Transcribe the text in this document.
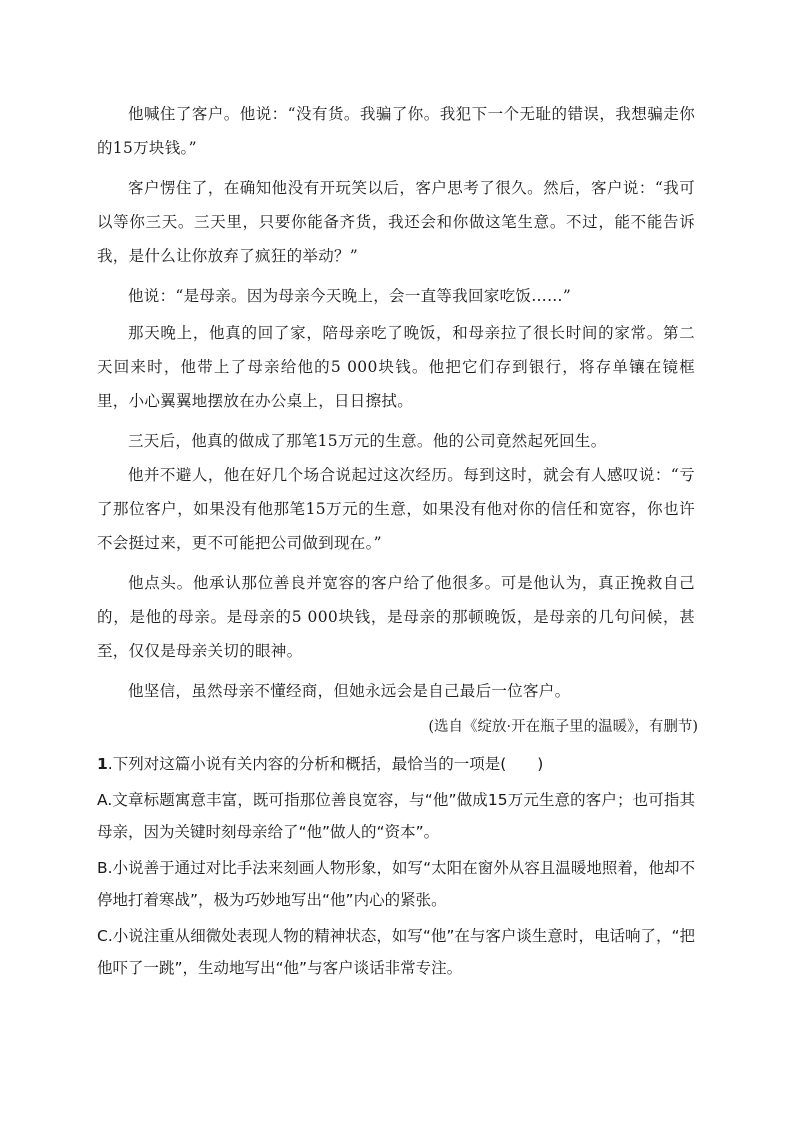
他喊住了客户。他说：“没有货。我骗了你。我犯下一个无耻的错误，我想骗走你的15万块钱。”

客户愣住了，在确知他没有开玩笑以后，客户思考了很久。然后，客户说：“我可以等你三天。三天里，只要你能备齐货，我还会和你做这笔生意。不过，能不能告诉我，是什么让你放弃了疯狂的举动？”

他说：“是母亲。因为母亲今天晚上，会一直等我回家吃饭……”

那天晚上，他真的回了家，陪母亲吃了晚饭，和母亲拉了很长时间的家常。第二天回来时，他带上了母亲给他的5 000块钱。他把它们存到银行，将存单镶在镜框里，小心翼翼地摆放在办公桌上，日日擦拭。

三天后，他真的做成了那笔15万元的生意。他的公司竟然起死回生。

他并不避人，他在好几个场合说起过这次经历。每到这时，就会有人感叹说：“亏了那位客户，如果没有他那笔15万元的生意，如果没有他对你的信任和宽容，你也许不会挺过来，更不可能把公司做到现在。”

他点头。他承认那位善良并宽容的客户给了他很多。可是他认为，真正挽救自己的，是他的母亲。是母亲的5 000块钱，是母亲的那顿晚饭，是母亲的几句问候，甚至，仅仅是母亲关切的眼神。

他坚信，虽然母亲不懂经商，但她永远会是自己最后一位客户。

(选自《绽放·开在瓶子里的温暖》，有删节)

1.下列对这篇小说有关内容的分析和概括，最恰当的一项是(　　)

A.文章标题寓意丰富，既可指那位善良宽容，与“他”做成15万元生意的客户；也可指其母亲，因为关键时刻母亲给了“他”做人的“资本”。

B.小说善于通过对比手法来刻画人物形象，如写“太阳在窗外从容且温暖地照着，他却不停地打着寒战”，极为巧妙地写出“他”内心的紧张。

C.小说注重从细微处表现人物的精神状态，如写“他”在与客户谈生意时，电话响了，“把他吓了一跳”，生动地写出“他”与客户谈话非常专注。
